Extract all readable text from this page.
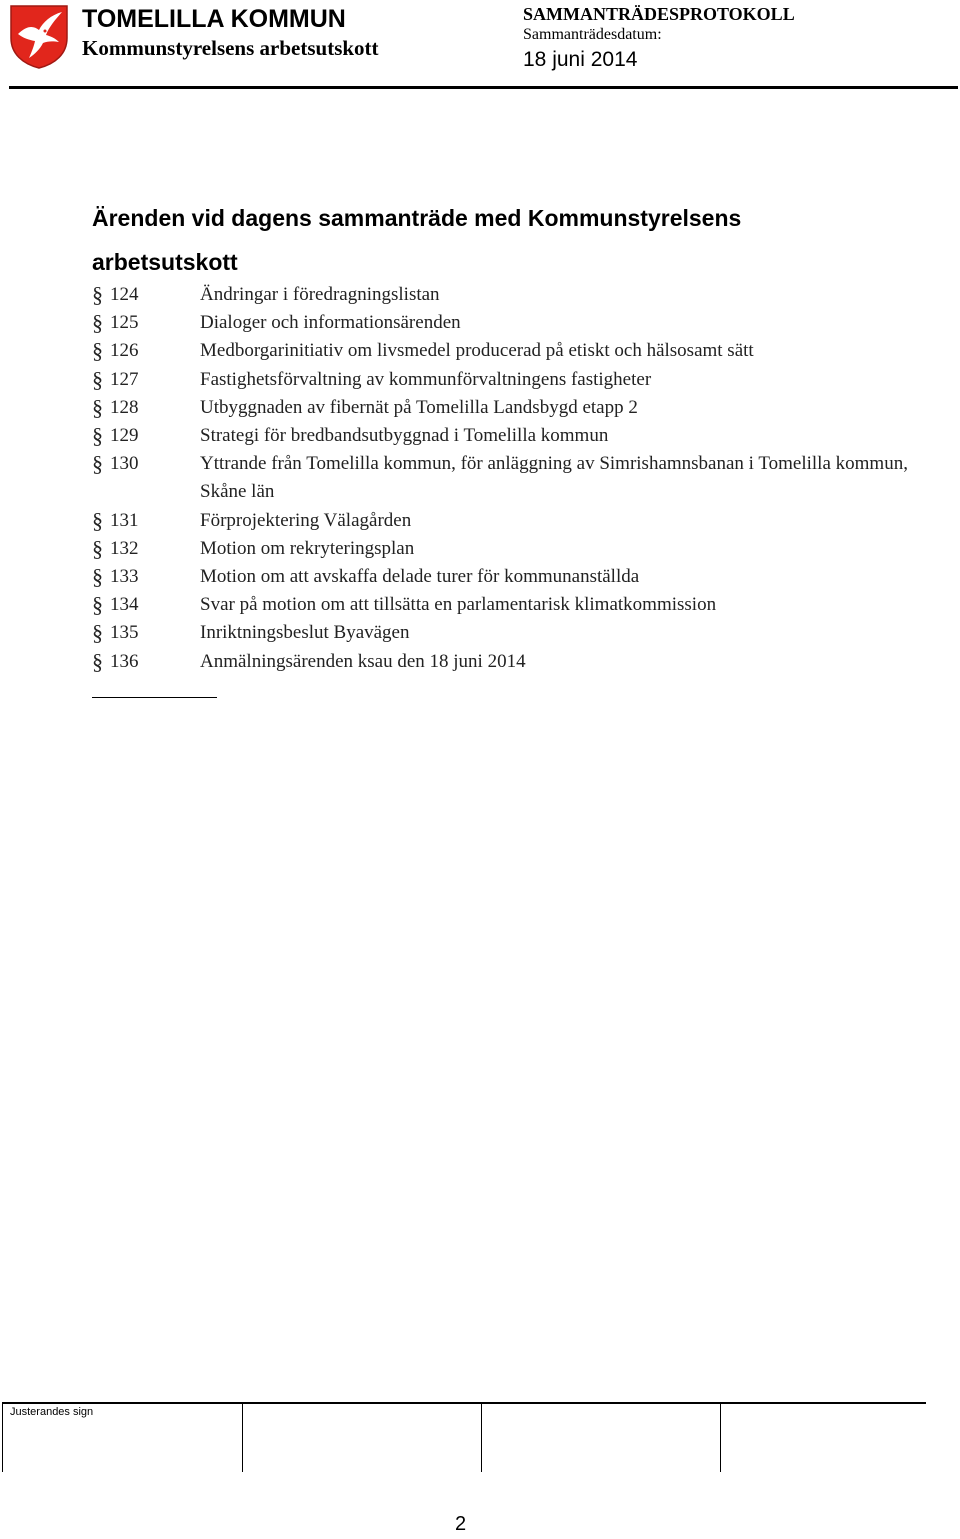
TOMELILLA KOMMUN
Kommunstyrelsens arbetsutskott
SAMMANTRÄDESPROTOKOLL
Sammanträdesdatum:
18 juni 2014
Ärenden vid dagens sammanträde med Kommunstyrelsens arbetsutskott
§ 124	Ändringar i föredragningslistan
§ 125	Dialoger och informationsärenden
§ 126	Medborgarinitiativ om livsmedel producerad på etiskt och hälsosamt sätt
§ 127	Fastighetsförvaltning av kommunförvaltningens fastigheter
§ 128	Utbyggnaden av fibernät på Tomelilla Landsbygd etapp 2
§ 129	Strategi för bredbandsutbyggnad i Tomelilla kommun
§ 130	Yttrande från Tomelilla kommun, för anläggning av Simrishamnsbanan i Tomelilla kommun, Skåne län
§ 131	Förprojektering Välagården
§ 132	Motion om rekryteringsplan
§ 133	Motion om att avskaffa delade turer för kommunanställda
§ 134	Svar på motion om att tillsätta en parlamentarisk klimatkommission
§ 135	Inriktningsbeslut Byavägen
§ 136	Anmälningsärenden ksau den 18 juni 2014
Justerandes sign
2
